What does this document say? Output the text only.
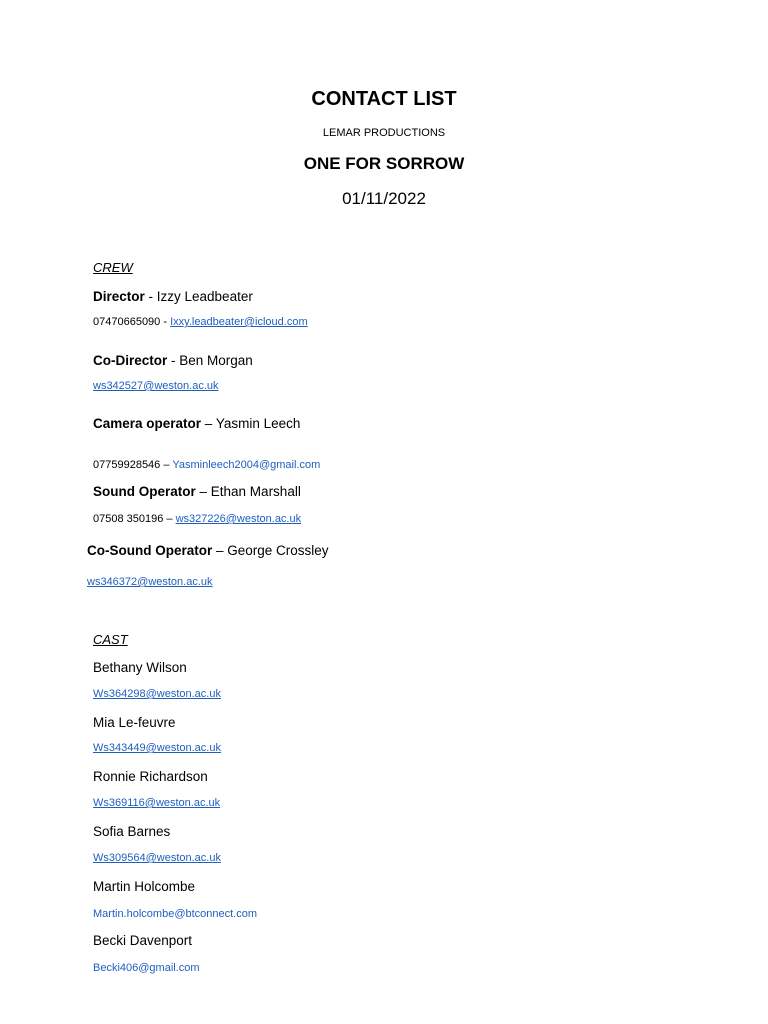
CONTACT LIST
LEMAR PRODUCTIONS
ONE FOR SORROW
01/11/2022
CREW
Director - Izzy Leadbeater
07470665090 - Ixxy.leadbeater@icloud.com
Co-Director - Ben Morgan
ws342527@weston.ac.uk
Camera operator – Yasmin Leech
07759928546 – Yasminleech2004@gmail.com
Sound Operator – Ethan Marshall
07508 350196 – ws327226@weston.ac.uk
Co-Sound Operator – George Crossley
ws346372@weston.ac.uk
CAST
Bethany Wilson
Ws364298@weston.ac.uk
Mia Le-feuvre
Ws343449@weston.ac.uk
Ronnie Richardson
Ws369116@weston.ac.uk
Sofia Barnes
Ws309564@weston.ac.uk
Martin Holcombe
Martin.holcombe@btconnect.com
Becki Davenport
Becki406@gmail.com
